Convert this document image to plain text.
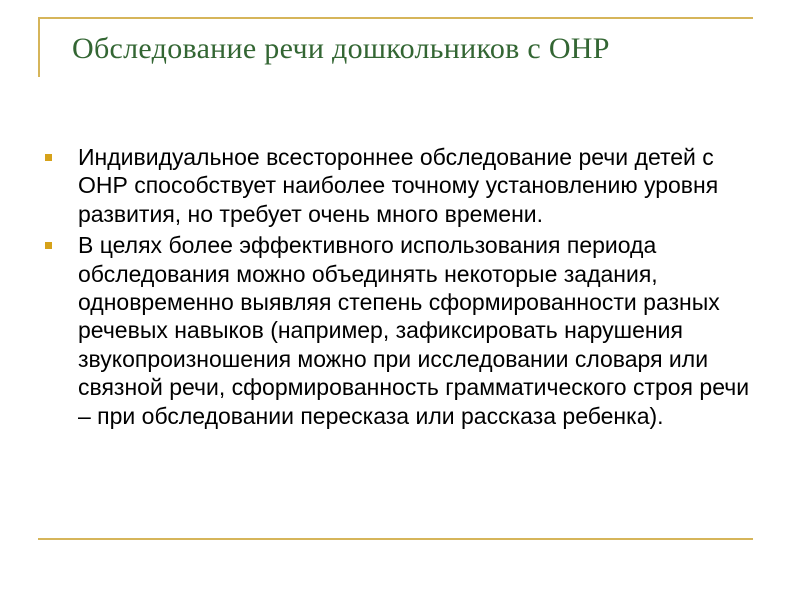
Обследование речи дошкольников с ОНР
Индивидуальное всестороннее обследование речи детей с ОНР способствует наиболее точному установлению уровня развития, но требует очень много времени.
В целях более эффективного использования периода обследования можно объединять некоторые задания, одновременно выявляя степень сформированности разных речевых навыков (например, зафиксировать нарушения звукопроизношения можно при исследовании словаря или связной речи, сформированность грамматического строя речи – при обследовании пересказа или рассказа ребенка).
